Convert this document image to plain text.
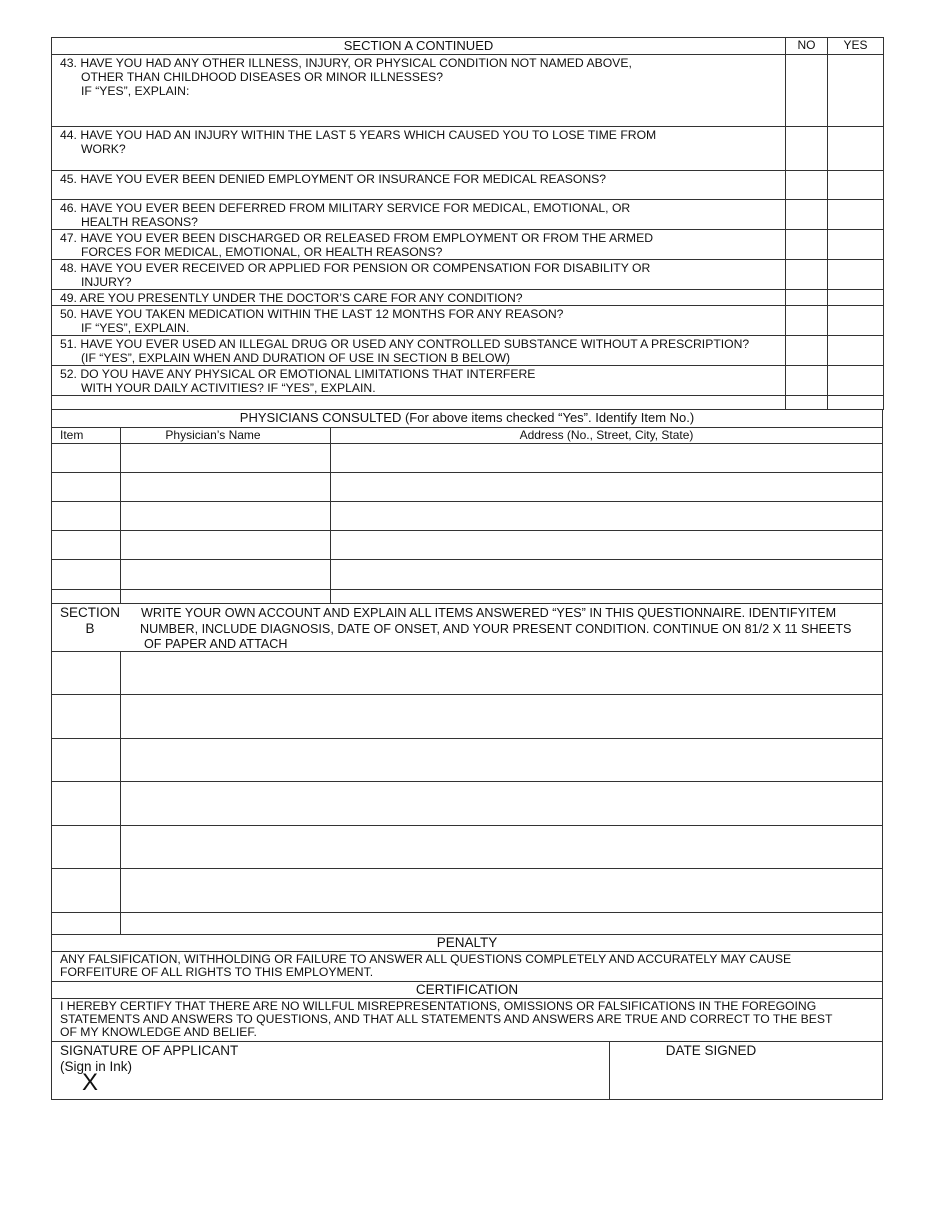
SECTION A CONTINUED	NO	YES

43. HAVE YOU HAD ANY OTHER ILLNESS, INJURY, OR PHYSICAL CONDITION NOT NAMED ABOVE,
OTHER THAN CHILDHOOD DISEASES OR MINOR ILLNESSES?
IF “YES”, EXPLAIN:		

44. HAVE YOU HAD AN INJURY WITHIN THE LAST 5 YEARS WHICH CAUSED YOU TO LOSE TIME FROM
WORK?		

45. HAVE YOU EVER BEEN DENIED EMPLOYMENT OR INSURANCE FOR MEDICAL REASONS?		

46. HAVE YOU EVER BEEN DEFERRED FROM MILITARY SERVICE FOR MEDICAL, EMOTIONAL, OR
HEALTH REASONS?		

47. HAVE YOU EVER BEEN DISCHARGED OR RELEASED FROM EMPLOYMENT OR FROM THE ARMED
FORCES FOR MEDICAL, EMOTIONAL, OR HEALTH REASONS?		

48. HAVE YOU EVER RECEIVED OR APPLIED FOR PENSION OR COMPENSATION FOR DISABILITY OR
INJURY?		

49. ARE YOU PRESENTLY UNDER THE DOCTOR’S CARE FOR ANY CONDITION?		

50. HAVE YOU TAKEN MEDICATION WITHIN THE LAST 12 MONTHS FOR ANY REASON?
IF “YES”, EXPLAIN.		

51. HAVE YOU EVER USED AN ILLEGAL DRUG OR USED ANY CONTROLLED SUBSTANCE WITHOUT A PRESCRIPTION?
(IF “YES”, EXPLAIN WHEN AND DURATION OF USE IN SECTION B BELOW)		

52. DO YOU HAVE ANY PHYSICAL OR EMOTIONAL LIMITATIONS THAT INTERFERE
WITH YOUR DAILY ACTIVITIES? IF “YES”, EXPLAIN.		

PHYSICIANS CONSULTED (For above items checked “Yes”. Identify Item No.)
Item	Physician’s Name	Address (No., Street, City, State)
SECTION
B
WRITE YOUR OWN ACCOUNT AND EXPLAIN ALL ITEMS ANSWERED “YES” IN THIS QUESTIONNAIRE. IDENTIFYITEM
NUMBER, INCLUDE DIAGNOSIS, DATE OF ONSET, AND YOUR PRESENT CONDITION. CONTINUE ON 81/2 X 11 SHEETS
OF PAPER AND ATTACH
PENALTY
ANY FALSIFICATION, WITHHOLDING OR FAILURE TO ANSWER ALL QUESTIONS COMPLETELY AND ACCURATELY MAY CAUSE
FORFEITURE OF ALL RIGHTS TO THIS EMPLOYMENT.
CERTIFICATION
I HEREBY CERTIFY THAT THERE ARE NO WILLFUL MISREPRESENTATIONS, OMISSIONS OR FALSIFICATIONS IN THE FOREGOING
STATEMENTS AND ANSWERS TO QUESTIONS, AND THAT ALL STATEMENTS AND ANSWERS ARE TRUE AND CORRECT TO THE BEST
OF MY KNOWLEDGE AND BELIEF.
SIGNATURE OF APPLICANT
(Sign in Ink)
X
DATE SIGNED
